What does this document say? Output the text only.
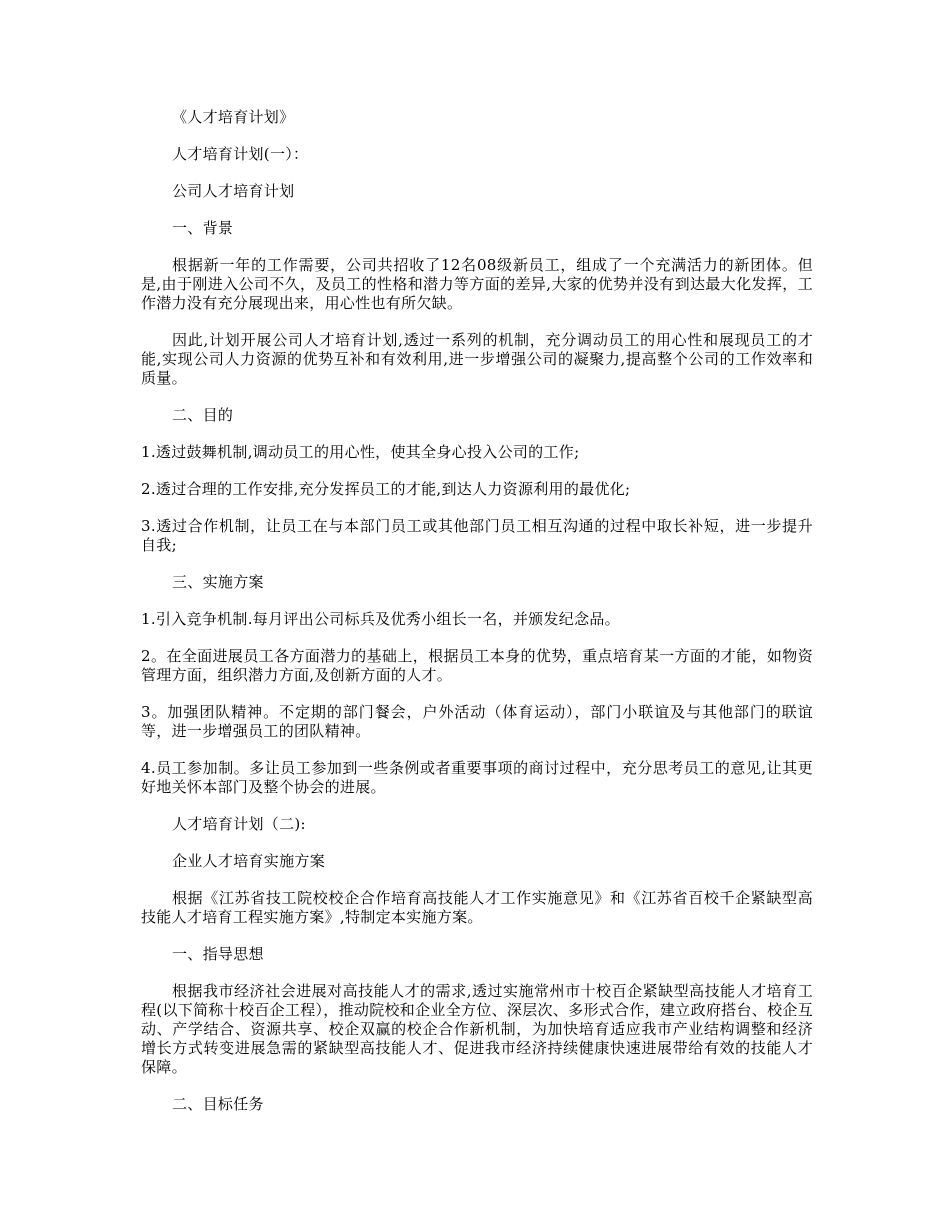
《人才培育计划》

人才培育计划(一）：

公司人才培育计划

一、背景

根据新一年的工作需要，公司共招收了12名08级新员工，组成了一个充满活力的新团体。但是,由于刚进入公司不久，及员工的性格和潜力等方面的差异,大家的优势并没有到达最大化发挥，工作潜力没有充分展现出来，用心性也有所欠缺。

因此,计划开展公司人才培育计划,透过一系列的机制，充分调动员工的用心性和展现员工的才能,实现公司人力资源的优势互补和有效利用,进一步增强公司的凝聚力,提高整个公司的工作效率和质量。

二、目的

1.透过鼓舞机制,调动员工的用心性，使其全身心投入公司的工作;

2.透过合理的工作安排,充分发挥员工的才能,到达人力资源利用的最优化;

3.透过合作机制，让员工在与本部门员工或其他部门员工相互沟通的过程中取长补短，进一步提升自我;

三、实施方案

1.引入竞争机制.每月评出公司标兵及优秀小组长一名，并颁发纪念品。

2。在全面进展员工各方面潜力的基础上，根据员工本身的优势，重点培育某一方面的才能，如物资管理方面，组织潜力方面,及创新方面的人才。

3。加强团队精神。不定期的部门餐会，户外活动（体育运动），部门小联谊及与其他部门的联谊等，进一步增强员工的团队精神。

4.员工参加制。多让员工参加到一些条例或者重要事项的商讨过程中，充分思考员工的意见,让其更好地关怀本部门及整个协会的进展。

人才培育计划（二):

企业人才培育实施方案

根据《江苏省技工院校校企合作培育高技能人才工作实施意见》和《江苏省百校千企紧缺型高技能人才培育工程实施方案》,特制定本实施方案。

一、指导思想

根据我市经济社会进展对高技能人才的需求,透过实施常州市十校百企紧缺型高技能人才培育工程(以下简称十校百企工程），推动院校和企业全方位、深层次、多形式合作，建立政府搭台、校企互动、产学结合、资源共享、校企双赢的校企合作新机制，为加快培育适应我市产业结构调整和经济增长方式转变进展急需的紧缺型高技能人才、促进我市经济持续健康快速进展带给有效的技能人才保障。

二、目标任务
